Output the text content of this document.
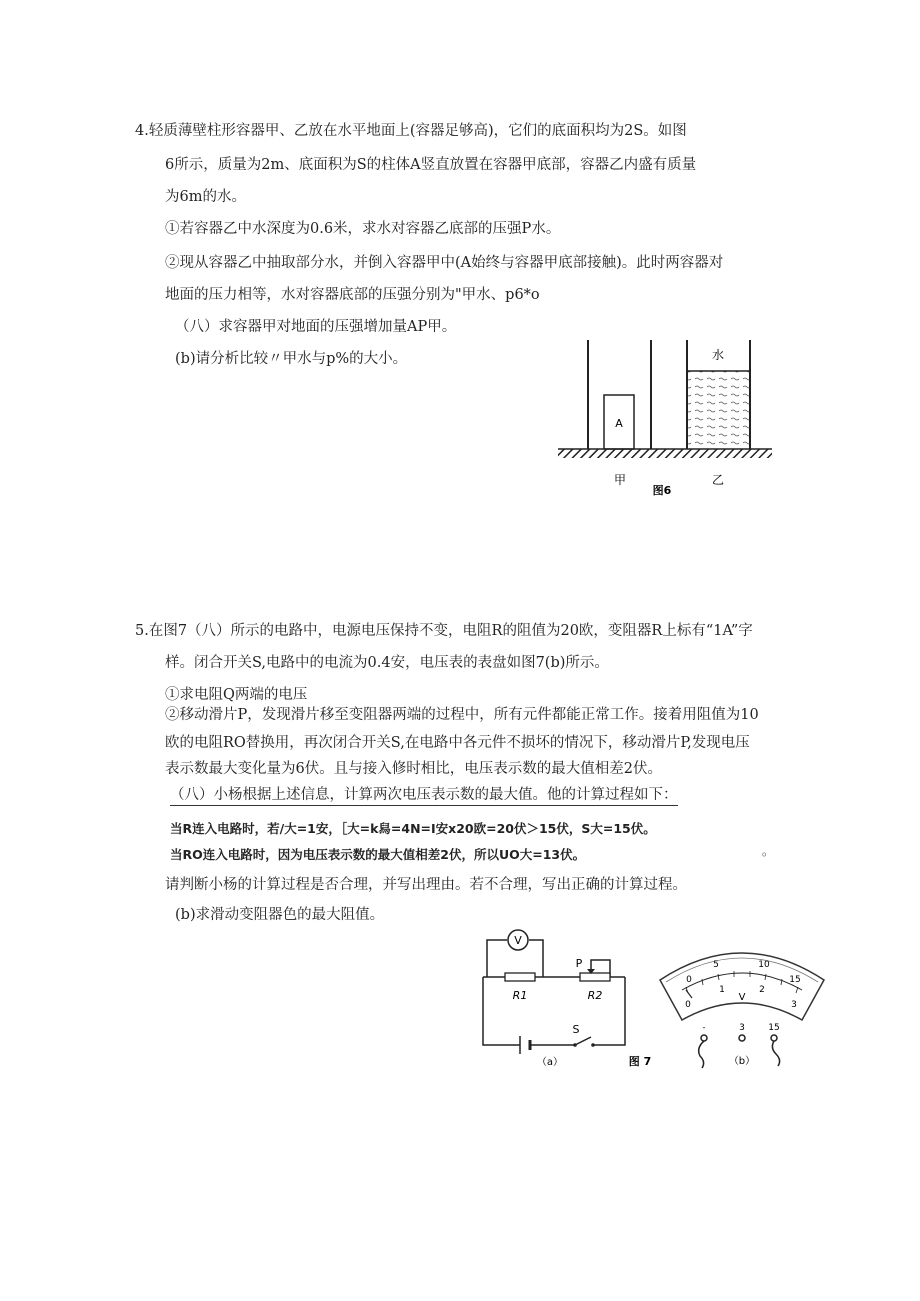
4.轻质薄壁柱形容器甲、乙放在水平地面上(容器足够高)，它们的底面积均为2S。如图
6所示，质量为2m、底面积为S的柱体A竖直放置在容器甲底部，容器乙内盛有质量
为6m的水。
①若容器乙中水深度为0.6米，求水对容器乙底部的压强P水。
②现从容器乙中抽取部分水，并倒入容器甲中(A始终与容器甲底部接触)。此时两容器对
地面的压力相等，水对容器底部的压强分别为"甲水、p6*o
（八）求容器甲对地面的压强增加量AP甲。
(b)请分析比较〃甲水与p%的大小。
A
水
甲	乙
图6
5.在图7（八）所示的电路中，电源电压保持不变，电阻R的阻值为20欧，变阻器R上标有“1A”字
样。闭合开关S,电路中的电流为0.4安，电压表的表盘如图7(b)所示。
①求电阻Q两端的电压
②移动滑片P，发现滑片移至变阻器两端的过程中，所有元件都能正常工作。接着用阻值为10
欧的电阻RO替换用，再次闭合开关S,在电路中各元件不损坏的情况下，移动滑片P,发现电压
表示数最大变化量为6伏。且与接入修时相比，电压表示数的最大值相差2伏。
（八）小杨根据上述信息，计算两次电压表示数的最大值。他的计算过程如下：
当R连入电路时，若/大=1安，［大=k舄=4N=I安x20欧=20伏＞15伏，S大=15伏。
当RO连入电路时，因为电压表示数的最大值相差2伏，所以UO大=13伏。	。
请判断小杨的计算过程是否合理，并写出理由。若不合理，写出正确的计算过程。
(b)求滑动变阻器色的最大阻值。
V
P
R1	R2
S
（a）	图 7
0
5	10
15
0
1	2
3
V
-	3	15
（b）
